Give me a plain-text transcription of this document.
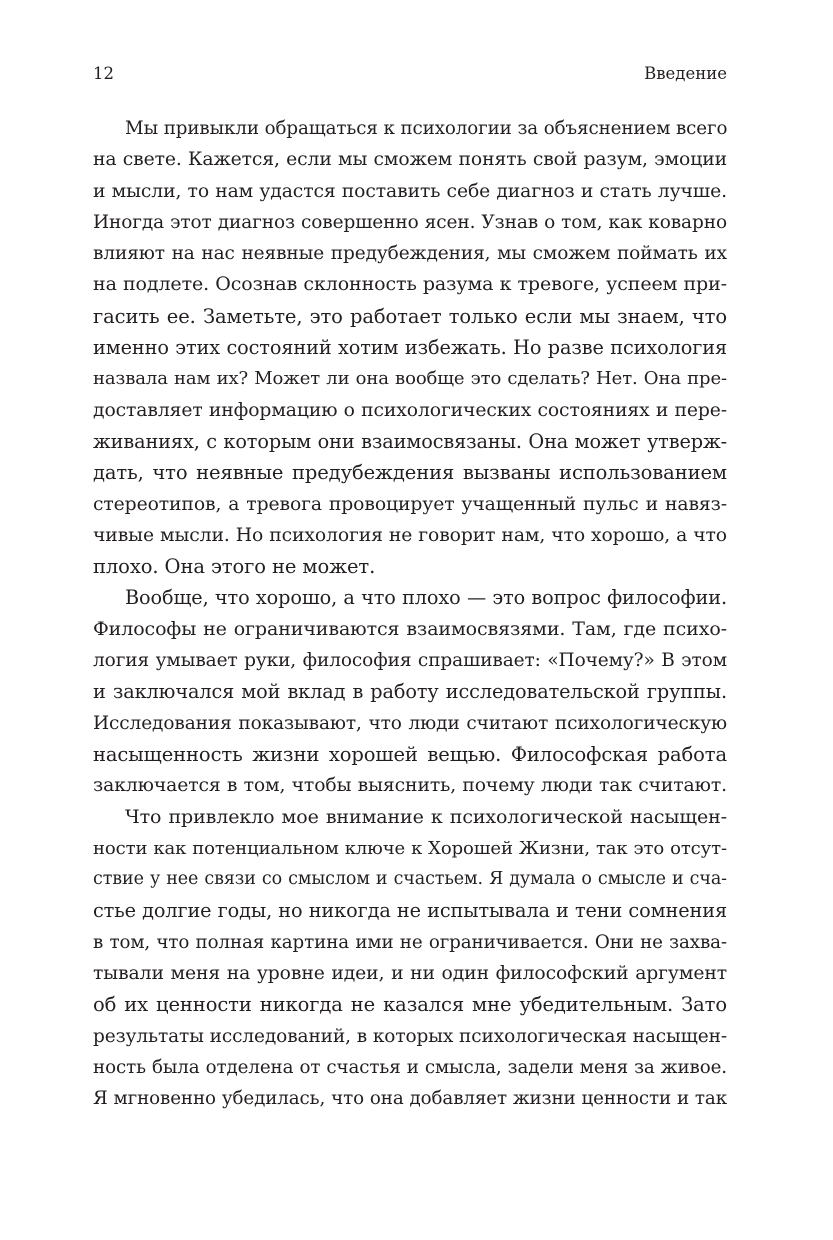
12	Введение
Мы привыкли обращаться к психологии за объяснением всего
на свете. Кажется, если мы сможем понять свой разум, эмоции
и мысли, то нам удастся поставить себе диагноз и стать лучше.
Иногда этот диагноз совершенно ясен. Узнав о том, как коварно
влияют на нас неявные предубеждения, мы сможем поймать их
на подлете. Осознав склонность разума к тревоге, успеем при-
гасить ее. Заметьте, это работает только если мы знаем, что
именно этих состояний хотим избежать. Но разве психология
назвала нам их? Может ли она вообще это сделать? Нет. Она пре-
доставляет информацию о психологических состояниях и пере-
живаниях, с которым они взаимосвязаны. Она может утверж-
дать, что неявные предубеждения вызваны использованием
стереотипов, а тревога провоцирует учащенный пульс и навяз-
чивые мысли. Но психология не говорит нам, что хорошо, а что
плохо. Она этого не может.
Вообще, что хорошо, а что плохо — это вопрос философии.
Философы не ограничиваются взаимосвязями. Там, где психо-
логия умывает руки, философия спрашивает: «Почему?» В этом
и заключался мой вклад в работу исследовательской группы.
Исследования показывают, что люди считают психологическую
насыщенность жизни хорошей вещью. Философская работа
заключается в том, чтобы выяснить, почему люди так считают.
Что привлекло мое внимание к психологической насыщен-
ности как потенциальном ключе к Хорошей Жизни, так это отсут-
ствие у нее связи со смыслом и счастьем. Я думала о смысле и сча-
стье долгие годы, но никогда не испытывала и тени сомнения
в том, что полная картина ими не ограничивается. Они не захва-
тывали меня на уровне идеи, и ни один философский аргумент
об их ценности никогда не казался мне убедительным. Зато
результаты исследований, в которых психологическая насыщен-
ность была отделена от счастья и смысла, задели меня за живое.
Я мгновенно убедилась, что она добавляет жизни ценности и так
